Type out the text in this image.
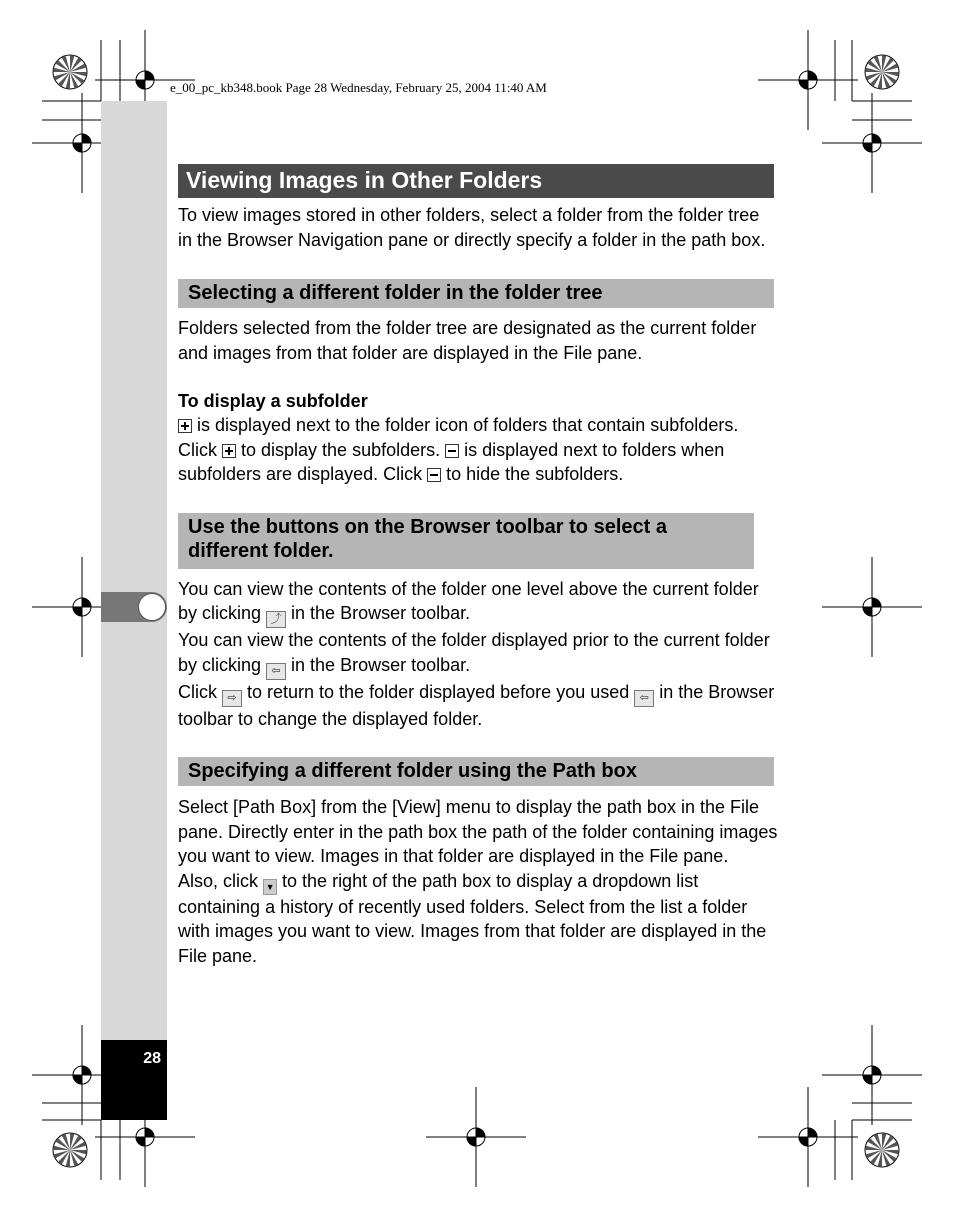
28
e_00_pc_kb348.book Page 28 Wednesday, February 25, 2004 11:40 AM
Viewing Images in Other Folders

To view images stored in other folders, select a folder from the folder tree in the Browser Navigation pane or directly specify a folder in the path box.

Selecting a different folder in the folder tree

Folders selected from the folder tree are designated as the current folder and images from that folder are displayed in the File pane.

To display a subfolder

is displayed next to the folder icon of folders that contain subfolders. Click  to display the subfolders.  is displayed next to folders when subfolders are displayed. Click  to hide the subfolders.

Use the buttons on the Browser toolbar to select a different folder.

You can view the contents of the folder one level above the current folder by clicking ⤴ in the Browser toolbar.

You can view the contents of the folder displayed prior to the current folder by clicking ⇦ in the Browser toolbar.

Click ⇨ to return to the folder displayed before you used ⇦ in the Browser toolbar to change the displayed folder.

Specifying a different folder using the Path box

Select [Path Box] from the [View] menu to display the path box in the File pane. Directly enter in the path box the path of the folder containing images you want to view. Images in that folder are displayed in the File pane.

Also, click ▼ to the right of the path box to display a dropdown list containing a history of recently used folders. Select from the list a folder with images you want to view. Images from that folder are displayed in the File pane.
